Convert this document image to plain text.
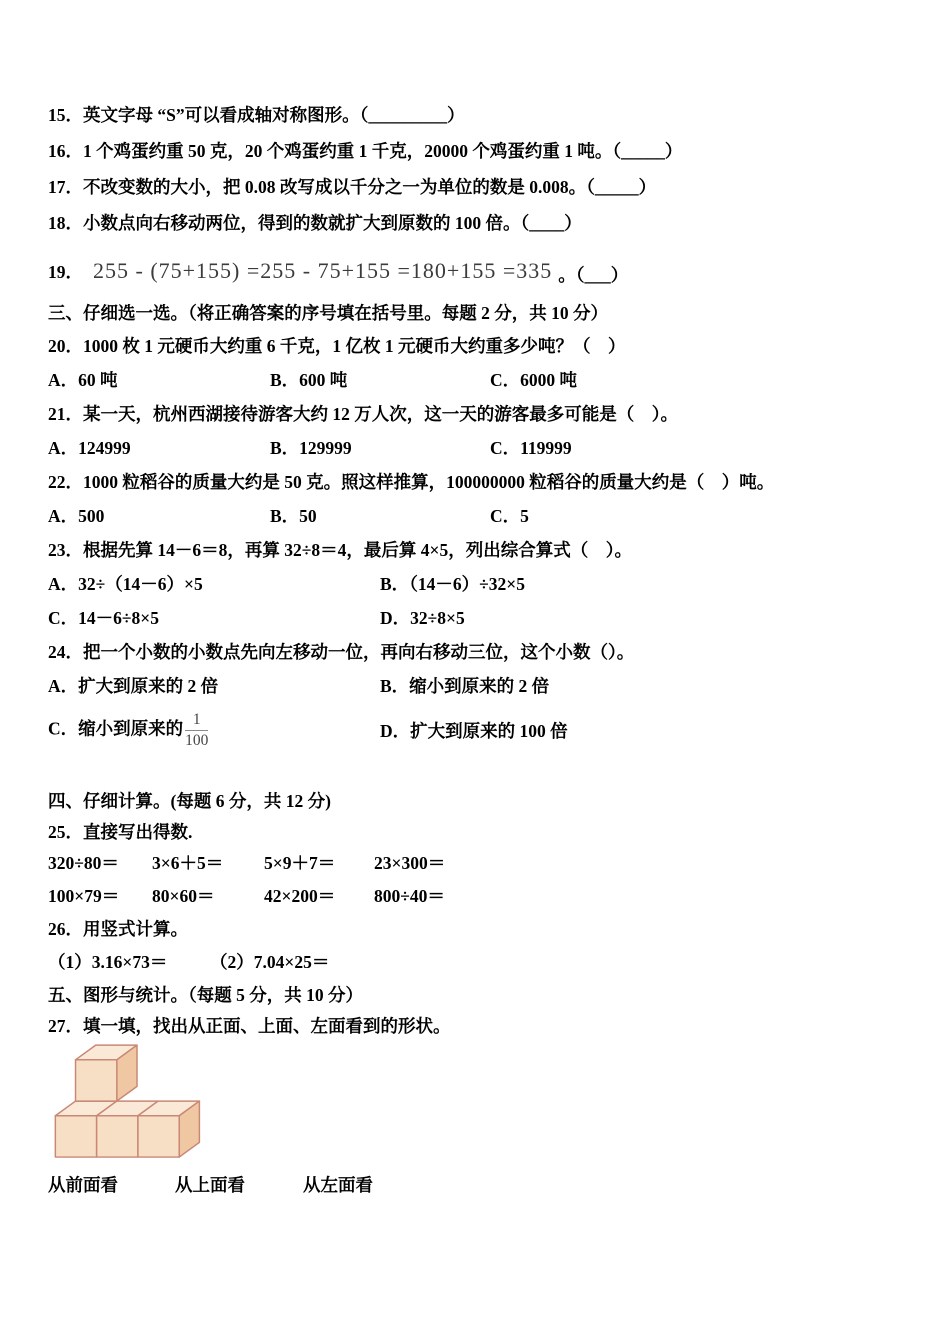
15．英文字母 “S”可以看成轴对称图形。（_________）
16．1 个鸡蛋约重 50 克，20 个鸡蛋约重 1 千克，20000 个鸡蛋约重 1 吨。（_____）
17．不改变数的大小，把 0.08 改写成以千分之一为单位的数是 0.008。（_____）
18．小数点向右移动两位，得到的数就扩大到原数的 100 倍。（____）
19． 255 - (75+155) =255 - 75+155 =180+155 =335 。（___）
三、仔细选一选。（将正确答案的序号填在括号里。每题 2 分，共 10 分）
20．1000 枚 1 元硬币大约重 6 千克，1 亿枚 1 元硬币大约重多少吨？（　）
A．60 吨	B．600 吨	C．6000 吨
21．某一天，杭州西湖接待游客大约 12 万人次，这一天的游客最多可能是（　）。
A．124999	B．129999	C．119999
22．1000 粒稻谷的质量大约是 50 克。照这样推算，100000000 粒稻谷的质量大约是（　）吨。
A．500	B．50	C．5
23．根据先算 14－6＝8，再算 32÷8＝4，最后算 4×5，列出综合算式（　）。
A．32÷（14－6）×5	B．（14－6）÷32×5
C．14－6÷8×5	D．32÷8×5
24．把一个小数的小数点先向左移动一位，再向右移动三位，这个小数（）。
A．扩大到原来的 2 倍	B．缩小到原来的 2 倍
C．缩小到原来的 $\frac{1}{100}$	D．扩大到原来的 100 倍
四、仔细计算。(每题 6 分，共 12 分)
25．直接写出得数.
320÷80＝	3×6＋5＝	5×9＋7＝	23×300＝
100×79＝	80×60＝	42×200＝	800÷40＝
26．用竖式计算。
（1）3.16×73＝	（2）7.04×25＝
五、图形与统计。（每题 5 分，共 10 分）
27．填一填，找出从正面、上面、左面看到的形状。
从前面看	从上面看	从左面看
